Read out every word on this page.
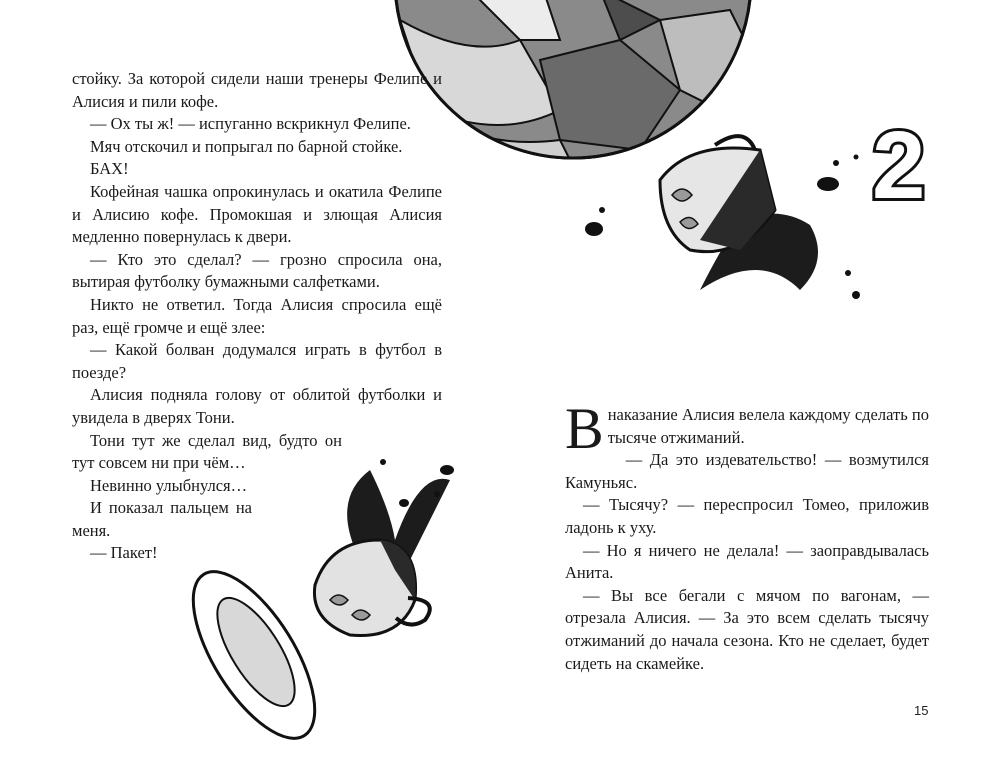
стойку. За которой сидели наши тренеры Фелипе и Алисия и пили кофе.

— Ох ты ж! — испуганно вскрикнул Фелипе.

Мяч отскочил и попрыгал по барной стойке.

БАХ!

Кофейная чашка опрокинулась и окатила Фелипе и Алисию кофе. Промокшая и злющая Алисия медленно повернулась к двери.

— Кто это сделал? — грозно спросила она, вытирая футболку бумажными салфетками.

Никто не ответил. Тогда Алисия спросила ещё раз, ещё громче и ещё злее:

— Какой болван додумался играть в футбол в поезде?

Алисия подняла голову от облитой футболки и увидела в дверях Тони.

Тони тут же сделал вид, будто он тут совсем ни при чём…

Невинно улыбнулся…

И показал пальцем на меня.

— Пакет!

2

В наказание Алисия велела каждому сделать по тысяче отжиманий.

— Да это издевательство! — возмутился Камуньяс.

— Тысячу? — переспросил Томео, приложив ладонь к уху.

— Но я ничего не делала! — заоправдывалась Анита.

— Вы все бегали с мячом по вагонам, — отрезала Алисия. — За это всем сделать тысячу отжиманий до начала сезона. Кто не сделает, будет сидеть на скамейке.

15
